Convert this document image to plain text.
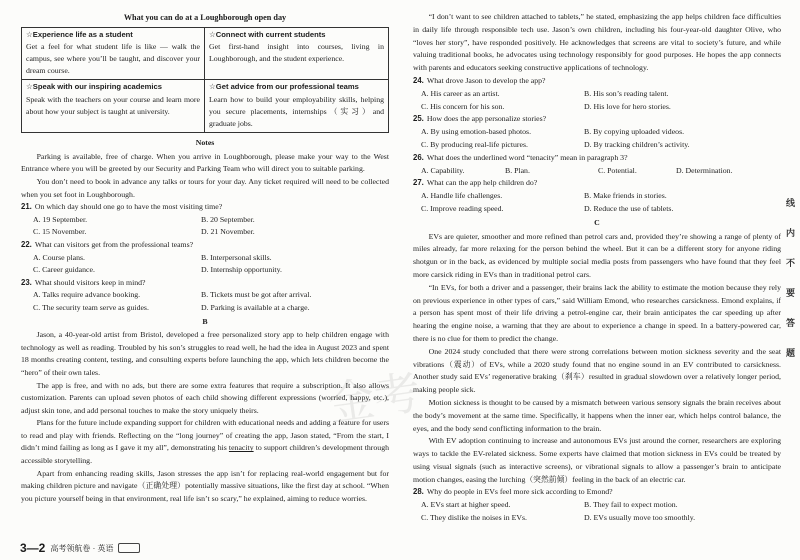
金考
What you can do at a Loughborough open day
☆Experience life as a student
Get a feel for what student life is like — walk the campus, see where you’ll be taught, and discover your dream course.
☆Connect with current students
Get first-hand insight into courses, living in Loughborough, and the student experience.
☆Speak with our inspiring academics
Speak with the teachers on your course and learn more about how your subject is taught at university.
☆Get advice from our professional teams
Learn how to build your employability skills, helping you secure placements, internships（实习）and graduate jobs.
Notes

Parking is available, free of charge. When you arrive in Loughborough, please make your way to the West Entrance where you will be greeted by our Security and Parking Team who will direct you to suitable parking.

You don’t need to book in advance any talks or tours for your day. Any ticket required will need to be collected when you set foot in Loughborough.

21. On which day should one go to have the most visiting time?
A. 19 September.	B. 20 September.
C. 15 November.	D. 21 November.
22. What can visitors get from the professional teams?
A. Course plans.	B. Interpersonal skills.
C. Career guidance.	D. Internship opportunity.
23. What should visitors keep in mind?
A. Talks require advance booking.	B. Tickets must be got after arrival.
C. The security team serve as guides.	D. Parking is available at a charge.
B

Jason, a 40-year-old artist from Bristol, developed a free personalized story app to help children engage with technology as well as reading. Troubled by his son’s struggles to read well, he had the idea in August 2023 and spent 18 months creating content, testing, and consulting experts before launching the app, which lets children become the “hero” of their own tales.

The app is free, and with no ads, but there are some extra features that require a subscription. It also allows customization. Parents can upload seven photos of each child showing different expressions (worried, happy, etc.), adjust skin tone, and add personal touches to make the story uniquely theirs.

Plans for the future include expanding support for children with educational needs and adding a feature for users to read and play with friends. Reflecting on the “long journey” of creating the app, Jason stated, “From the start, I didn’t mind failing as long as I gave it my all”, demonstrating his tenacity to support children’s development through accessible storytelling.

Apart from enhancing reading skills, Jason stresses the app isn’t for replacing real-world engagement but for making children picture and navigate（正确处理）potentially massive situations, like the first day at school. “When you picture yourself being in that environment, real life isn’t so scary,” he explained, aiming to reduce worries.

“I don’t want to see children attached to tablets,” he stated, emphasizing the app helps children face difficulties in daily life through responsible tech use. Jason’s own children, including his four-year-old daughter Olive, who “loves her story”, have responded positively. He acknowledges that screens are vital to society’s future, and while valuing traditional books, he advocates using technology responsibly for good purposes. He hopes the app connects with parents and educators seeking constructive applications of technology.

24. What drove Jason to develop the app?
A. His career as an artist.	B. His son’s reading talent.
C. His concern for his son.	D. His love for hero stories.
25. How does the app personalize stories?
A. By using emotion-based photos.	B. By copying uploaded videos.
C. By producing real-life pictures.	D. By tracking children’s activity.
26. What does the underlined word “tenacity” mean in paragraph 3?
A. Capability.	B. Plan.	C. Potential.	D. Determination.
27. What can the app help children do?
A. Handle life challenges.	B. Make friends in stories.
C. Improve reading speed.	D. Reduce the use of tablets.
C

EVs are quieter, smoother and more refined than petrol cars and, provided they’re showing a range of plenty of miles already, far more relaxing for the person behind the wheel. But it can be a different story for anyone riding shotgun or in the back, as evidenced by multiple social media posts from passengers who have found that they feel more carsick riding in EVs than in traditional petrol cars.

“In EVs, for both a driver and a passenger, their brains lack the ability to estimate the motion because they rely on previous experience in other types of cars,” said William Emond, who researches carsickness. Emond explains, if a person has spent most of their life driving a petrol-engine car, their brain anticipates the car speeding up after hearing the engine noise, a warning that they are about to experience a change in speed. In a battery-powered car, there is no clue for them to predict the change.

One 2024 study concluded that there were strong correlations between motion sickness severity and the seat vibrations（震动）of EVs, while a 2020 study found that no engine sound in an EV contributed to carsickness. Another study said EVs’ regenerative braking（刹车）resulted in gradual slowdown over a relatively longer period, making people sick.

Motion sickness is thought to be caused by a mismatch between various sensory signals the brain receives about the body’s movement at the same time. Specifically, it happens when the inner ear, which helps control balance, the eyes, and the body send conflicting information to the brain.

With EV adoption continuing to increase and autonomous EVs just around the corner, researchers are exploring ways to tackle the EV-related sickness. Some experts have claimed that motion sickness in EVs could be treated by using visual signals (such as interactive screens), or vibrational signals to allow a passenger’s brain to anticipate motion changes, easing the lurching（突然前倾）feeling in the back of an electric car.

28. Why do people in EVs feel more sick according to Emond?
A. EVs start at higher speed.	B. They fail to expect motion.
C. They dislike the noises in EVs.	D. EVs usually move too smoothly.
线内不要答题
3—2 高考领航卷 · 英语
